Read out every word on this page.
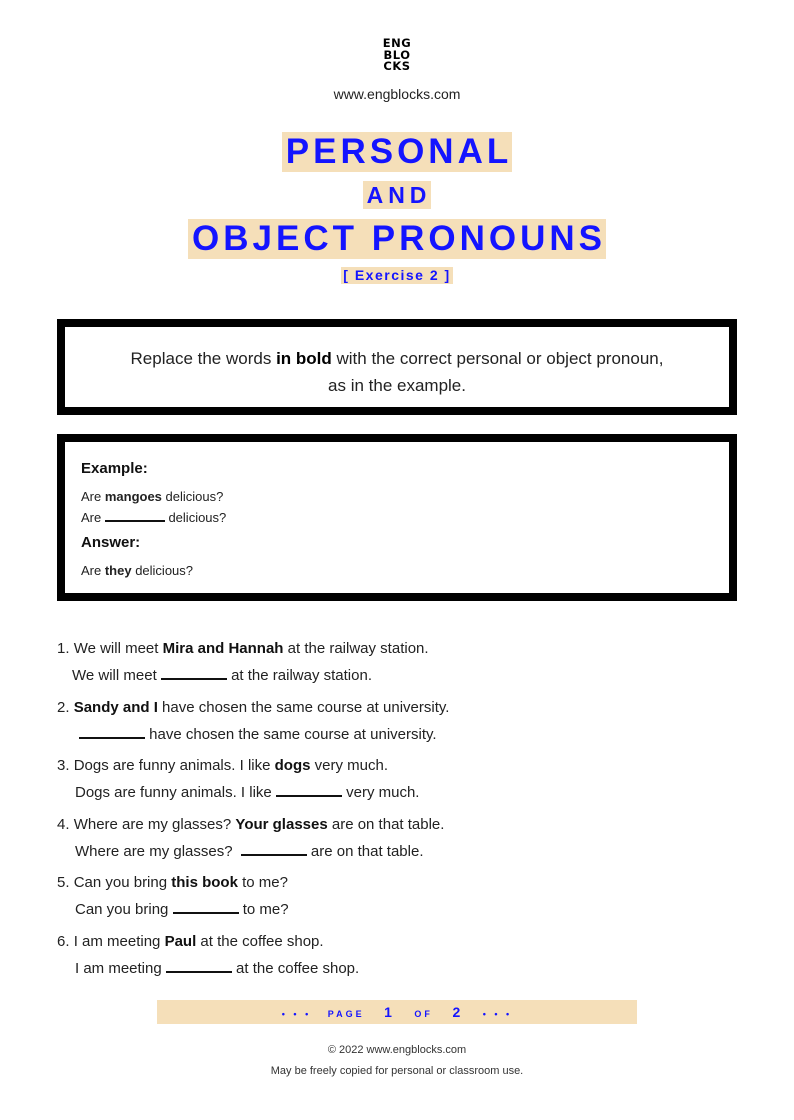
ENG
BLO
CKS
www.engblocks.com
PERSONAL
AND
OBJECT PRONOUNS
[ Exercise 2 ]
Replace the words in bold with the correct personal or object pronoun,
as in the example.

Example:

Are mangoes delicious?

Are	delicious?

Answer:

Are they delicious?

1. We will meet Mira and Hannah at the railway station.
We will meet	at the railway station.
2. Sandy and I have chosen the same course at university.
have chosen the same course at university.
3. Dogs are funny animals. I like dogs very much.
Dogs are funny animals. I like	very much.
4. Where are my glasses? Your glasses are on that table.
Where are my glasses?	are on that table.
5. Can you bring this book to me?
Can you bring	to me?
6. I am meeting Paul at the coffee shop.
I am meeting	at the coffee shop.
• • • PAGE 1 OF 2 • • •
© 2022 www.engblocks.com
May be freely copied for personal or classroom use.
